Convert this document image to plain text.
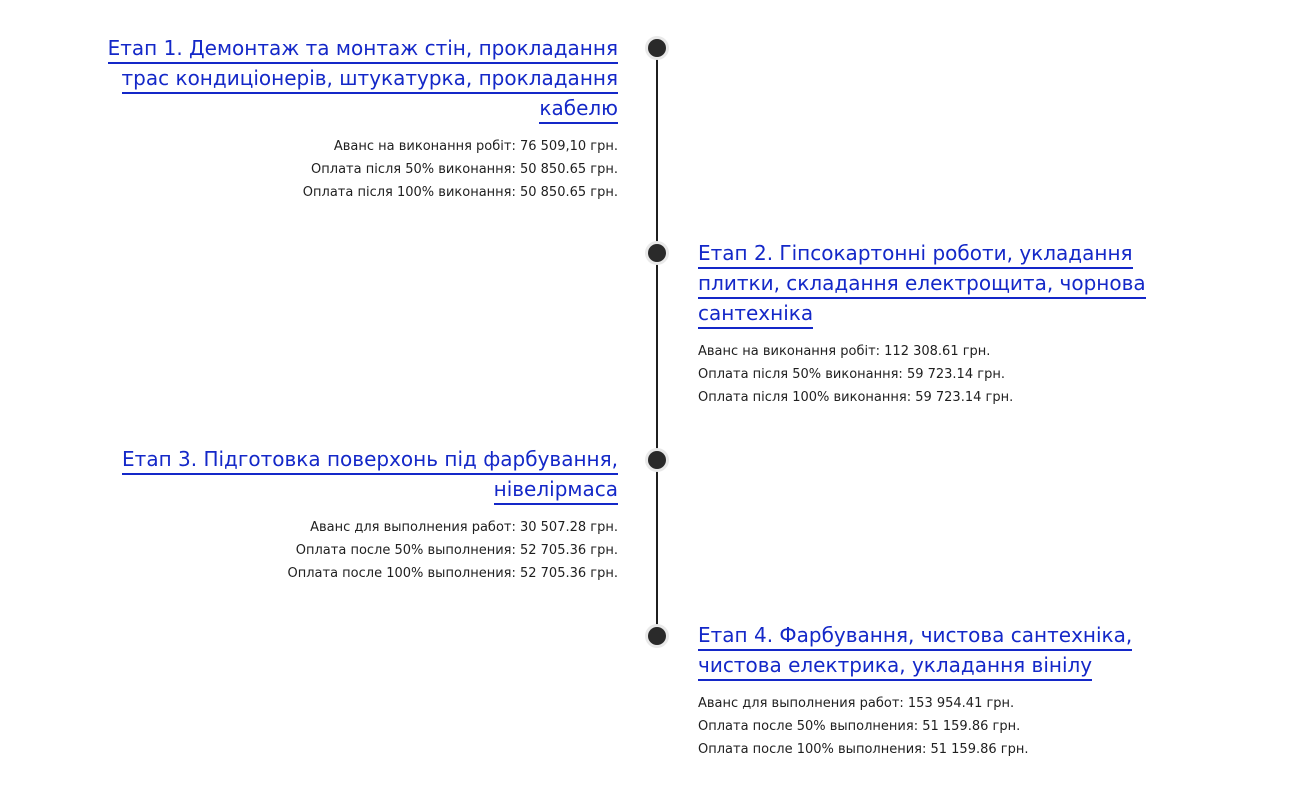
Етап 1. Демонтаж та монтаж стін, прокладання трас кондиціонерів, штукатурка, прокладання кабелю
Аванс на виконання робіт: 76 509,10 грн.
Оплата після 50% виконання: 50 850.65 грн.
Оплата після 100% виконання: 50 850.65 грн.
Етап 2. Гіпсокартонні роботи, укладання плитки, складання електрощита, чорнова сантехніка
Аванс на виконання робіт: 112 308.61 грн.
Оплата після 50% виконання: 59 723.14 грн.
Оплата після 100% виконання: 59 723.14 грн.
Етап 3. Підготовка поверхонь під фарбування, нівелірмаса
Аванс для выполнения работ: 30 507.28 грн.
Оплата после 50% выполнения: 52 705.36 грн.
Оплата после 100% выполнения: 52 705.36 грн.
Етап 4. Фарбування, чистова сантехніка, чистова електрика, укладання вінілу
Аванс для выполнения работ: 153 954.41 грн.
Оплата после 50% выполнения: 51 159.86 грн.
Оплата после 100% выполнения: 51 159.86 грн.
